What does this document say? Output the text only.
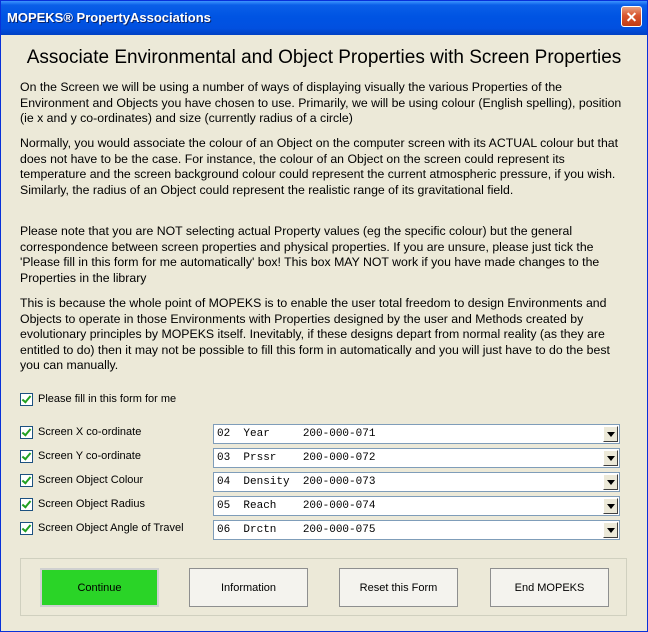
MOPEKS® PropertyAssociations
Associate Environmental and Object Properties with Screen Properties

On the Screen we will be using a number of ways of displaying visually the various Properties of the Environment and Objects you have chosen to use. Primarily, we will be using colour (English spelling), position (ie x and y co-ordinates) and size (currently radius of a circle)

Normally, you would associate the colour of an Object on the computer screen with its ACTUAL colour but that does not have to be the case. For instance, the colour of an Object on the screen could represent its temperature and the screen background colour could represent the current atmospheric pressure, if you wish. Similarly, the radius of an Object could represent the realistic range of its gravitational field.

Please note that you are NOT selecting actual Property values (eg the specific colour) but the general correspondence between screen properties and physical properties. If you are unsure, please just tick the 'Please fill in this form for me automatically' box! This box MAY NOT work if you have made changes to the Properties in the library

This is because the whole point of MOPEKS is to enable the user total freedom to design Environments and Objects to operate in those Environments with Properties designed by the user and Methods created by evolutionary principles by MOPEKS itself. Inevitably, if these designs depart from normal reality (as they are entitled to do) then it may not be possible to fill this form in automatically and you will just have to do the best you can manually.

Please fill in this form for me
Screen X co-ordinate	02  Year     200-000-071
Screen Y co-ordinate	03  Prssr    200-000-072
Screen Object Colour	04  Density  200-000-073
Screen Object Radius	05  Reach    200-000-074
Screen Object Angle of Travel	06  Drctn    200-000-075
Continue	Information	Reset this Form	End MOPEKS
